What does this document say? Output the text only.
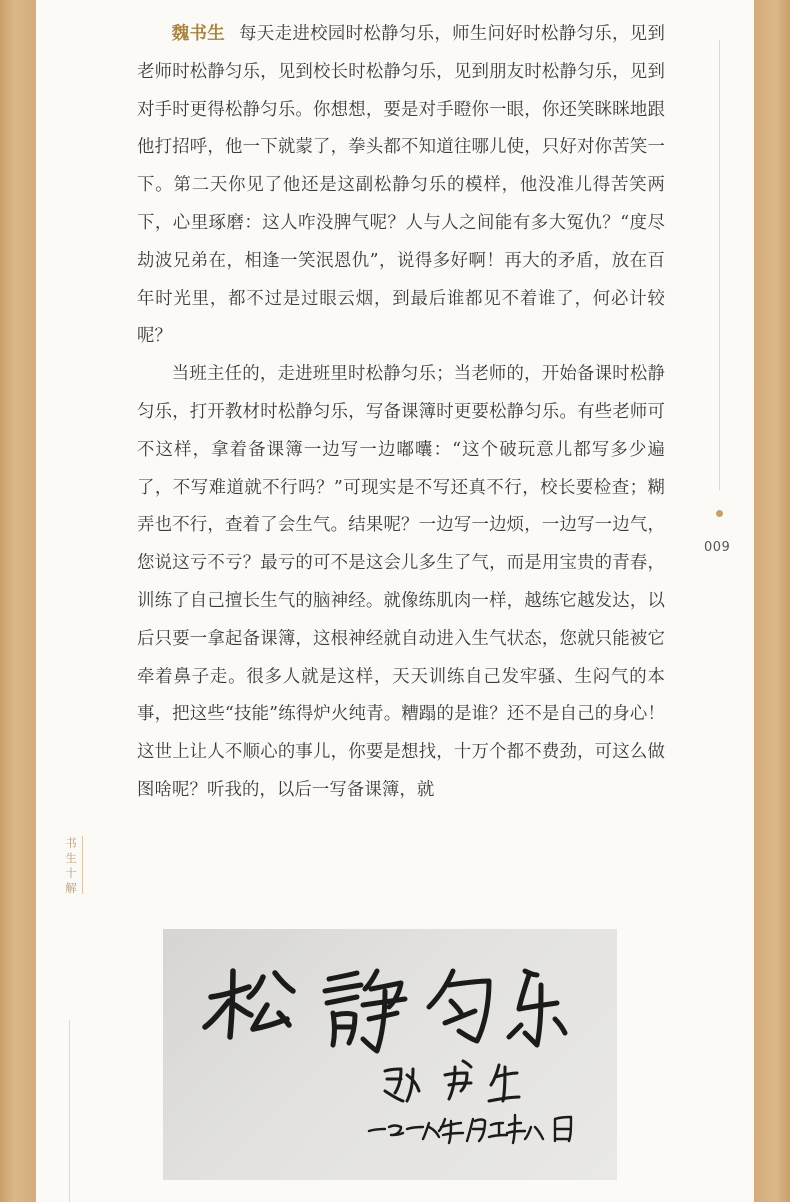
魏书生 每天走进校园时松静匀乐，师生问好时松静匀乐，见到老师时松静匀乐，见到校长时松静匀乐，见到朋友时松静匀乐，见到对手时更得松静匀乐。你想想，要是对手瞪你一眼，你还笑眯眯地跟他打招呼，他一下就蒙了，拳头都不知道往哪儿使，只好对你苦笑一下。第二天你见了他还是这副松静匀乐的模样，他没准儿得苦笑两下，心里琢磨：这人咋没脾气呢？人与人之间能有多大冤仇？“度尽劫波兄弟在，相逢一笑泯恩仇”，说得多好啊！再大的矛盾，放在百年时光里，都不过是过眼云烟，到最后谁都见不着谁了，何必计较呢？

当班主任的，走进班里时松静匀乐；当老师的，开始备课时松静匀乐，打开教材时松静匀乐，写备课簿时更要松静匀乐。有些老师可不这样，拿着备课簿一边写一边嘟囔：“这个破玩意儿都写多少遍了，不写难道就不行吗？”可现实是不写还真不行，校长要检查；糊弄也不行，查着了会生气。结果呢？一边写一边烦，一边写一边气，您说这亏不亏？最亏的可不是这会儿多生了气，而是用宝贵的青春，训练了自己擅长生气的脑神经。就像练肌肉一样，越练它越发达，以后只要一拿起备课簿，这根神经就自动进入生气状态，您就只能被它牵着鼻子走。很多人就是这样，天天训练自己发牢骚、生闷气的本事，把这些“技能”练得炉火纯青。糟蹋的是谁？还不是自己的身心！这世上让人不顺心的事儿，你要是想找，十万个都不费劲，可这么做图啥呢？听我的，以后一写备课簿，就

009
书
生
十
解
